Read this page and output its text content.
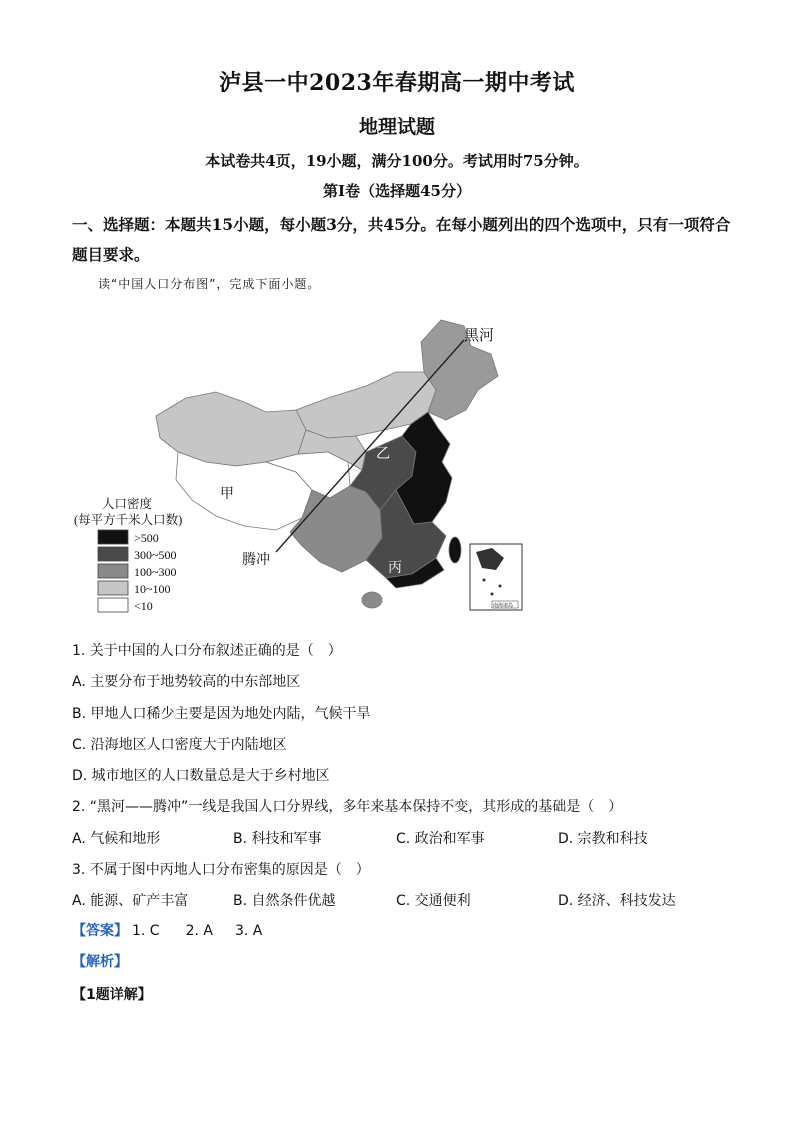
泸县一中2023年春期高一期中考试
地理试题
本试卷共4页，19小题，满分100分。考试用时75分钟。
第Ⅰ卷（选择题45分）
一、选择题：本题共15小题，每小题3分，共45分。在每小题列出的四个选项中，只有一项符合题目要求。
读“中国人口分布图”，完成下面小题。
黑河
腾冲
甲
乙
丙
南海诸岛
人口密度
(每平方千米人口数)
>500
300~500
100~300
10~100
<10
1. 关于中国的人口分布叙述正确的是（　）
A. 主要分布于地势较高的中东部地区
B. 甲地人口稀少主要是因为地处内陆，气候干旱
C. 沿海地区人口密度大于内陆地区
D. 城市地区的人口数量总是大于乡村地区
2. “黑河——腾冲”一线是我国人口分界线，多年来基本保持不变，其形成的基础是（　）
A. 气候和地形	B. 科技和军事	C. 政治和军事	D. 宗教和科技
3. 不属于图中丙地人口分布密集的原因是（　）
A. 能源、矿产丰富	B. 自然条件优越	C. 交通便利	D. 经济、科技发达
【答案】 1. C 2. A 3. A
【解析】
【1题详解】
